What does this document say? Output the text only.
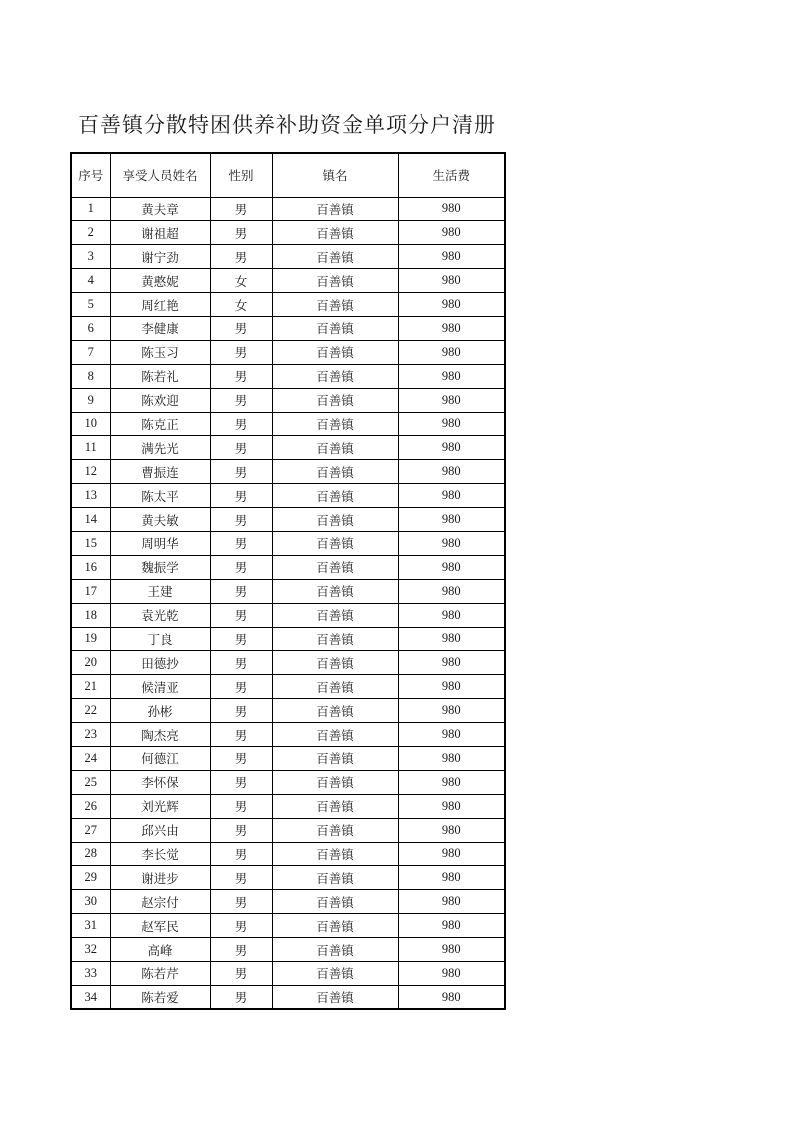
百善镇分散特困供养补助资金单项分户清册
序号	享受人员姓名	性别	镇名	生活费
1	黄夫章	男	百善镇	980
2	谢祖超	男	百善镇	980
3	谢宁劲	男	百善镇	980
4	黄憨妮	女	百善镇	980
5	周红艳	女	百善镇	980
6	李健康	男	百善镇	980
7	陈玉习	男	百善镇	980
8	陈若礼	男	百善镇	980
9	陈欢迎	男	百善镇	980
10	陈克正	男	百善镇	980
11	满先光	男	百善镇	980
12	曹振连	男	百善镇	980
13	陈太平	男	百善镇	980
14	黄夫敏	男	百善镇	980
15	周明华	男	百善镇	980
16	魏振学	男	百善镇	980
17	王建	男	百善镇	980
18	袁光乾	男	百善镇	980
19	丁良	男	百善镇	980
20	田德抄	男	百善镇	980
21	候清亚	男	百善镇	980
22	孙彬	男	百善镇	980
23	陶杰亮	男	百善镇	980
24	何德江	男	百善镇	980
25	李怀保	男	百善镇	980
26	刘光辉	男	百善镇	980
27	邱兴由	男	百善镇	980
28	李长觉	男	百善镇	980
29	谢进步	男	百善镇	980
30	赵宗付	男	百善镇	980
31	赵军民	男	百善镇	980
32	高峰	男	百善镇	980
33	陈若芹	男	百善镇	980
34	陈若爱	男	百善镇	980
